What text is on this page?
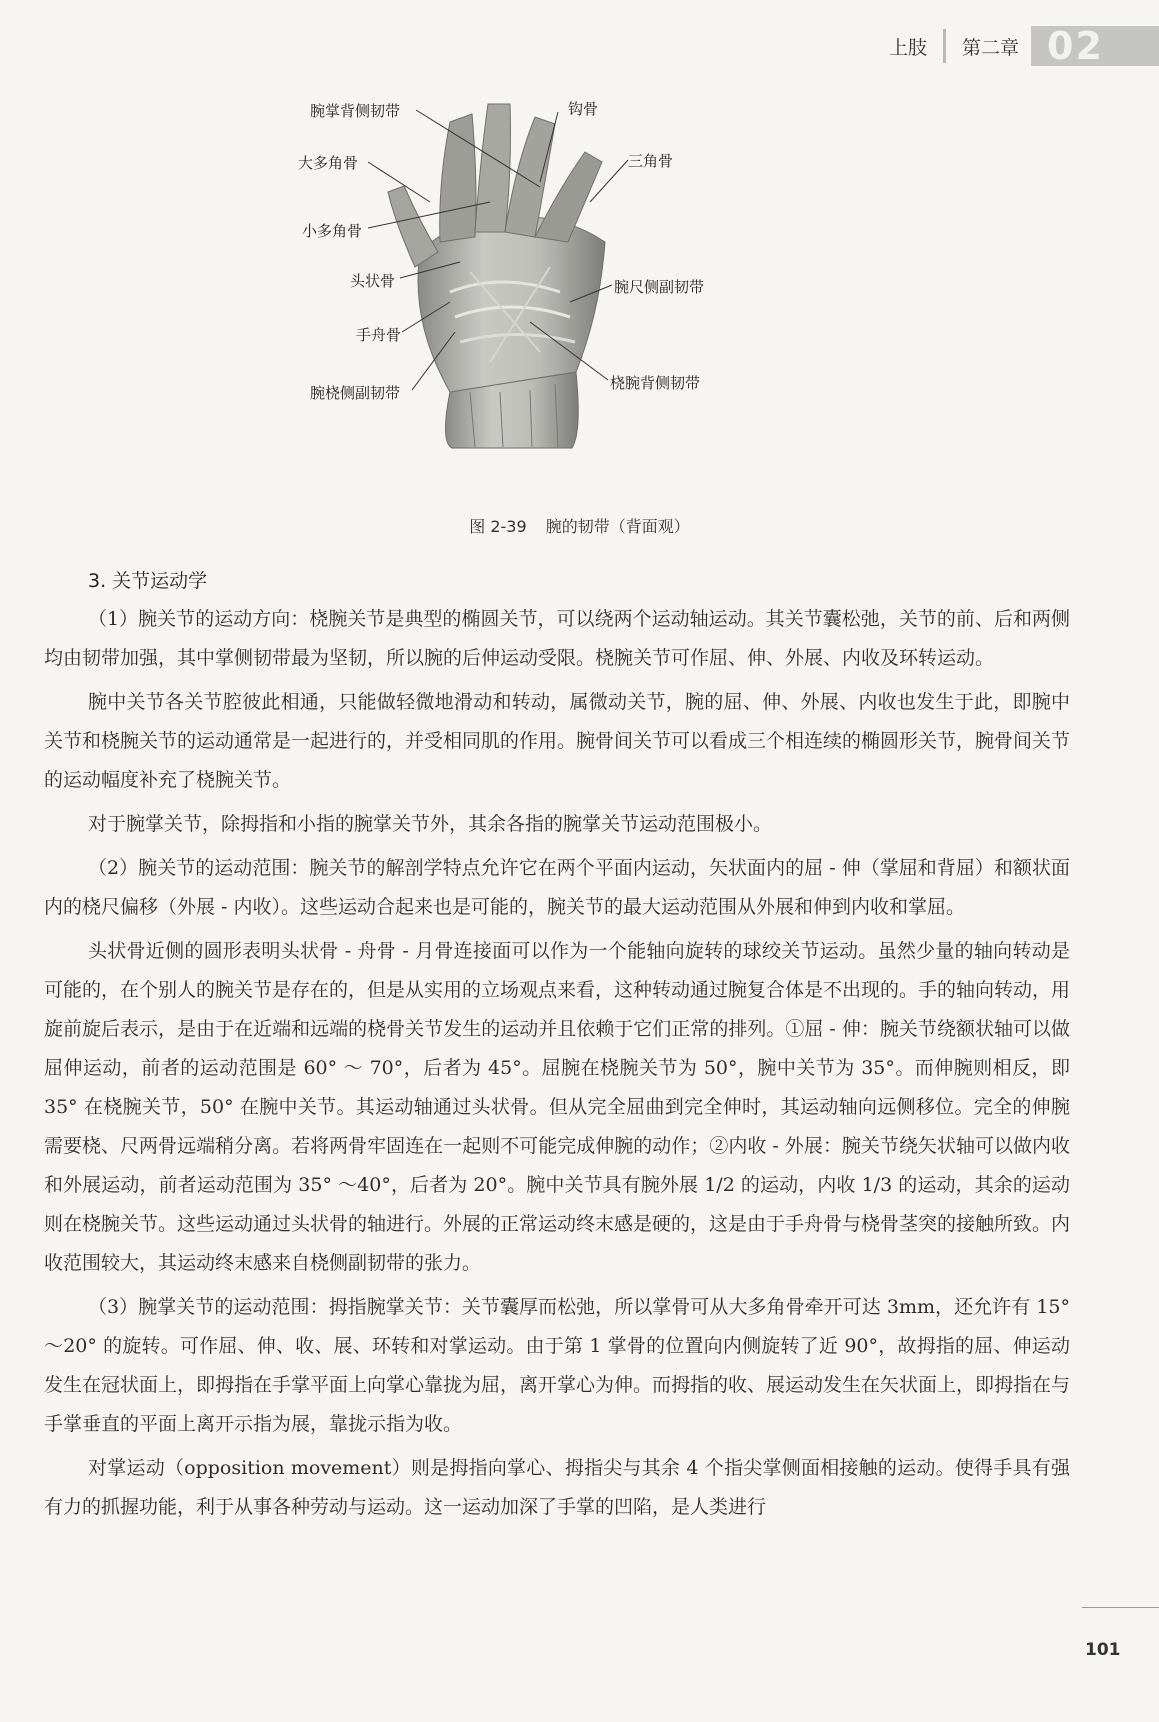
上肢 第二章 02
腕掌背侧韧带	钩骨
大多角骨	三角骨
小多角骨
头状骨	腕尺侧副韧带
手舟骨
桡腕背侧韧带
腕桡侧副韧带
图 2-39 腕的韧带（背面观）
3. 关节运动学

（1）腕关节的运动方向：桡腕关节是典型的椭圆关节，可以绕两个运动轴运动。其关节囊松弛，关节的前、后和两侧均由韧带加强，其中掌侧韧带最为坚韧，所以腕的后伸运动受限。桡腕关节可作屈、伸、外展、内收及环转运动。

腕中关节各关节腔彼此相通，只能做轻微地滑动和转动，属微动关节，腕的屈、伸、外展、内收也发生于此，即腕中关节和桡腕关节的运动通常是一起进行的，并受相同肌的作用。腕骨间关节可以看成三个相连续的椭圆形关节，腕骨间关节的运动幅度补充了桡腕关节。

对于腕掌关节，除拇指和小指的腕掌关节外，其余各指的腕掌关节运动范围极小。

（2）腕关节的运动范围：腕关节的解剖学特点允许它在两个平面内运动，矢状面内的屈 - 伸（掌屈和背屈）和额状面内的桡尺偏移（外展 - 内收）。这些运动合起来也是可能的，腕关节的最大运动范围从外展和伸到内收和掌屈。

头状骨近侧的圆形表明头状骨 - 舟骨 - 月骨连接面可以作为一个能轴向旋转的球绞关节运动。虽然少量的轴向转动是可能的，在个别人的腕关节是存在的，但是从实用的立场观点来看，这种转动通过腕复合体是不出现的。手的轴向转动，用旋前旋后表示，是由于在近端和远端的桡骨关节发生的运动并且依赖于它们正常的排列。①屈 - 伸：腕关节绕额状轴可以做屈伸运动，前者的运动范围是 60° ～ 70°，后者为 45°。屈腕在桡腕关节为 50°，腕中关节为 35°。而伸腕则相反，即 35° 在桡腕关节，50° 在腕中关节。其运动轴通过头状骨。但从完全屈曲到完全伸时，其运动轴向远侧移位。完全的伸腕需要桡、尺两骨远端稍分离。若将两骨牢固连在一起则不可能完成伸腕的动作；②内收 - 外展：腕关节绕矢状轴可以做内收和外展运动，前者运动范围为 35° ～40°，后者为 20°。腕中关节具有腕外展 1/2 的运动，内收 1/3 的运动，其余的运动则在桡腕关节。这些运动通过头状骨的轴进行。外展的正常运动终末感是硬的，这是由于手舟骨与桡骨茎突的接触所致。内收范围较大，其运动终末感来自桡侧副韧带的张力。

（3）腕掌关节的运动范围：拇指腕掌关节：关节囊厚而松弛，所以掌骨可从大多角骨牵开可达 3mm，还允许有 15° ～20° 的旋转。可作屈、伸、收、展、环转和对掌运动。由于第 1 掌骨的位置向内侧旋转了近 90°，故拇指的屈、伸运动发生在冠状面上，即拇指在手掌平面上向掌心靠拢为屈，离开掌心为伸。而拇指的收、展运动发生在矢状面上，即拇指在与手掌垂直的平面上离开示指为展，靠拢示指为收。

对掌运动（opposition movement）则是拇指向掌心、拇指尖与其余 4 个指尖掌侧面相接触的运动。使得手具有强有力的抓握功能，利于从事各种劳动与运动。这一运动加深了手掌的凹陷，是人类进行

101
